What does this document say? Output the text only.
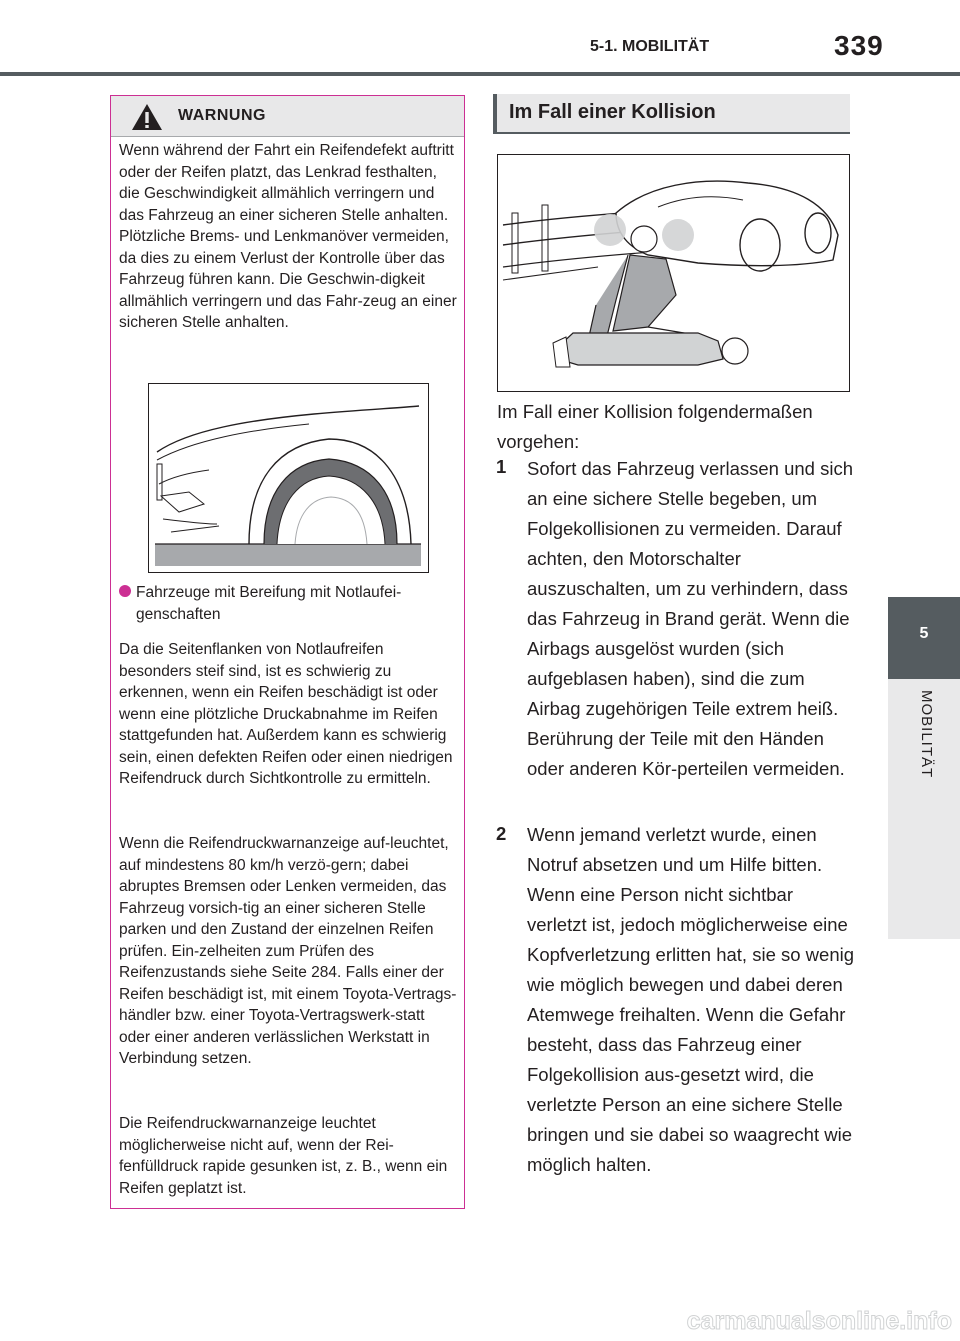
5-1. MOBILITÄT	339
5
MOBILITÄT
WARNUNG

Wenn während der Fahrt ein Reifendefekt auftritt oder der Reifen platzt, das Lenkrad festhalten, die Geschwindigkeit allmählich verringern und das Fahrzeug an einer sicheren Stelle anhalten. Plötzliche Brems- und Lenkmanöver vermeiden, da dies zu einem Verlust der Kontrolle über das Fahrzeug führen kann. Die Geschwin-digkeit allmählich verringern und das Fahr-zeug an einer sicheren Stelle anhalten.

Fahrzeuge mit Bereifung mit Notlaufei-genschaften

Da die Seitenflanken von Notlaufreifen besonders steif sind, ist es schwierig zu erkennen, wenn ein Reifen beschädigt ist oder wenn eine plötzliche Druckabnahme im Reifen stattgefunden hat. Außerdem kann es schwierig sein, einen defekten Reifen oder einen niedrigen Reifendruck durch Sichtkontrolle zu ermitteln.

Wenn die Reifendruckwarnanzeige auf-leuchtet, auf mindestens 80 km/h verzö-gern; dabei abruptes Bremsen oder Lenken vermeiden, das Fahrzeug vorsich-tig an einer sicheren Stelle parken und den Zustand der einzelnen Reifen prüfen. Ein-zelheiten zum Prüfen des Reifenzustands siehe Seite 284. Falls einer der Reifen beschädigt ist, mit einem Toyota-Vertrags-händler bzw. einer Toyota-Vertragswerk-statt oder einer anderen verlässlichen Werkstatt in Verbindung setzen.

Die Reifendruckwarnanzeige leuchtet möglicherweise nicht auf, wenn der Rei-fenfülldruck rapide gesunken ist, z. B., wenn ein Reifen geplatzt ist.

Im Fall einer Kollision

Im Fall einer Kollision folgendermaßen vorgehen:

1 Sofort das Fahrzeug verlassen und sich an eine sichere Stelle begeben, um Folgekollisionen zu vermeiden. Darauf achten, den Motorschalter auszuschalten, um zu verhindern, dass das Fahrzeug in Brand gerät. Wenn die Airbags ausgelöst wurden (sich aufgeblasen haben), sind die zum Airbag zugehörigen Teile extrem heiß. Berührung der Teile mit den Händen oder anderen Kör-perteilen vermeiden.

2 Wenn jemand verletzt wurde, einen Notruf absetzen und um Hilfe bitten. Wenn eine Person nicht sichtbar verletzt ist, jedoch möglicherweise eine Kopfverletzung erlitten hat, sie so wenig wie möglich bewegen und dabei deren Atemwege freihalten. Wenn die Gefahr besteht, dass das Fahrzeug einer Folgekollision aus-gesetzt wird, die verletzte Person an eine sichere Stelle bringen und sie dabei so waagrecht wie möglich halten.

carmanualsonline.info
